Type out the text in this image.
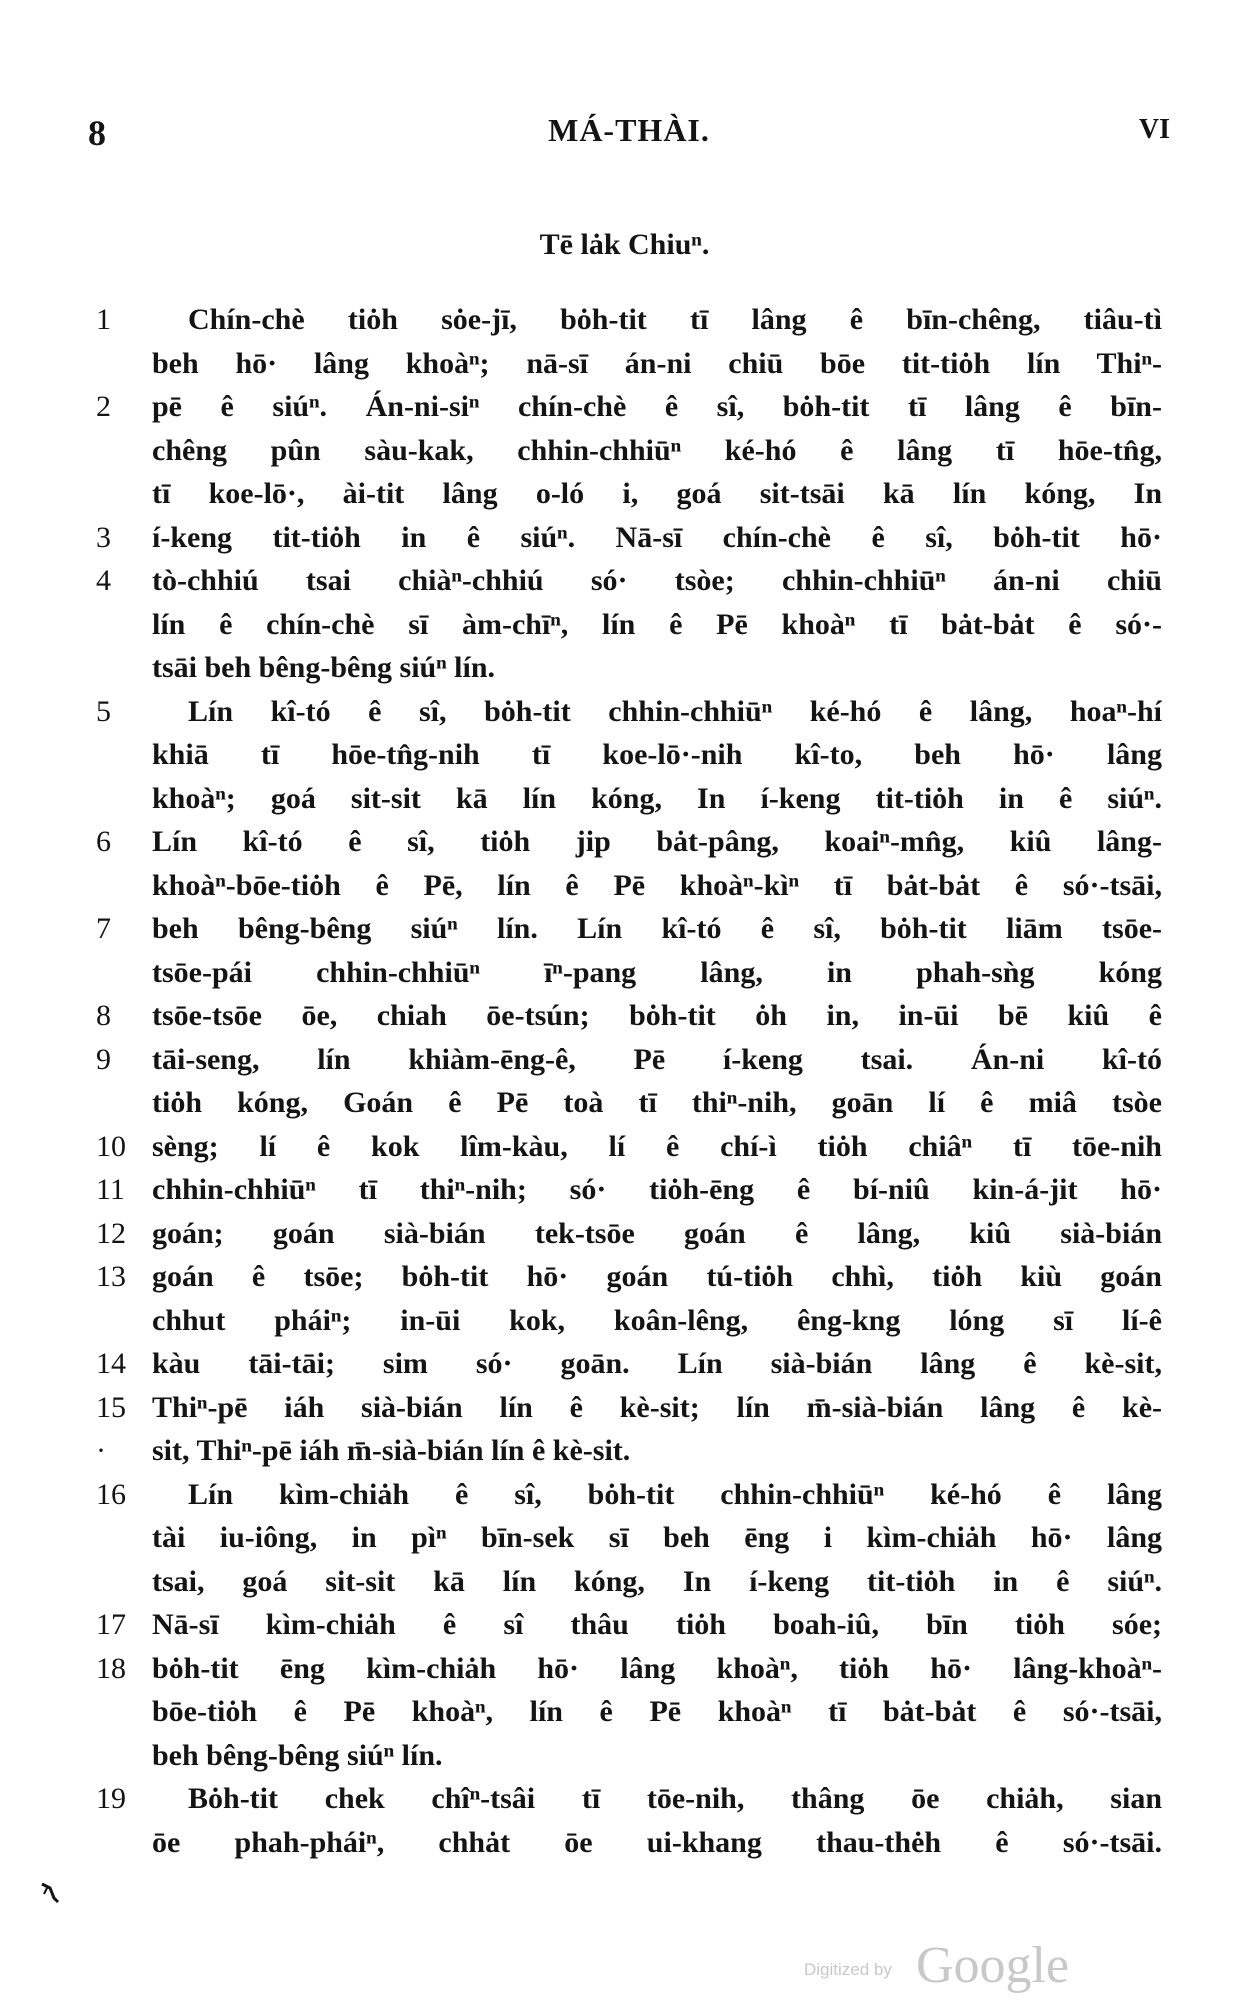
8	MÁ-THÀI.	VI
Tē lȧk Chiuⁿ.
1	Chín-chè tiȯh sȯe-jī, bȯh-tit tī lâng ê bīn-chêng, tiâu-tì
beh hō· lâng khoàⁿ; nā-sī án-ni chiū bōe tit-tiȯh lín Thiⁿ-
2	pē ê siúⁿ. Án-ni-siⁿ chín-chè ê sî, bȯh-tit tī lâng ê bīn-
chêng pûn sàu-kak, chhin-chhiūⁿ ké-hó ê lâng tī hōe-tn̂g,
tī koe-lō·, ài-tit lâng o-ló i, goá sit-tsāi kā lín kóng, In
3	í-keng tit-tiȯh in ê siúⁿ. Nā-sī chín-chè ê sî, bȯh-tit hō·
4	tò-chhiú tsai chiàⁿ-chhiú só· tsòe; chhin-chhiūⁿ án-ni chiū
lín ê chín-chè sī àm-chīⁿ, lín ê Pē khoàⁿ tī bȧt-bȧt ê só·-
tsāi beh bêng-bêng siúⁿ lín.
5	Lín kî-tó ê sî, bȯh-tit chhin-chhiūⁿ ké-hó ê lâng, hoaⁿ-hí
khiā tī hōe-tn̂g-nih tī koe-lō·-nih kî-to, beh hō· lâng
khoàⁿ; goá sit-sit kā lín kóng, In í-keng tit-tiȯh in ê siúⁿ.
6	Lín kî-tó ê sî, tiȯh jip bȧt-pâng, koaiⁿ-mn̂g, kiû lâng-
khoàⁿ-bōe-tiȯh ê Pē, lín ê Pē khoàⁿ-kìⁿ tī bȧt-bȧt ê só·-tsāi,
7	beh bêng-bêng siúⁿ lín. Lín kî-tó ê sî, bȯh-tit liām tsōe-
tsōe-pái chhin-chhiūⁿ īⁿ-pang lâng, in phah-sǹg kóng
8	tsōe-tsōe ōe, chiah ōe-tsún; bȯh-tit ȯh in, in-ūi bē kiû ê
9	tāi-seng, lín khiàm-ēng-ê, Pē í-keng tsai. Án-ni kî-tó
tiȯh kóng, Goán ê Pē toà tī thiⁿ-nih, goān lí ê miâ tsòe
10 sèng; lí ê kok lîm-kàu, lí ê chí-ì tiȯh chiâⁿ tī tōe-nih
11 chhin-chhiūⁿ tī thiⁿ-nih; só· tiȯh-ēng ê bí-niû kin-á-jit hō·
12 goán; goán sià-bián tek-tsōe goán ê lâng, kiû sià-bián
13 goán ê tsōe; bȯh-tit hō· goán tú-tiȯh chhì, tiȯh kiù goán
chhut pháiⁿ; in-ūi kok, koân-lêng, êng-kng lóng sī lí-ê
14 kàu tāi-tāi; sim só· goān. Lín sià-bián lâng ê kè-sit,
15 Thiⁿ-pē iáh sià-bián lín ê kè-sit; lín m̄-sià-bián lâng ê kè-
·	sit, Thiⁿ-pē iáh m̄-sià-bián lín ê kè-sit.
16	Lín kìm-chiȧh ê sî, bȯh-tit chhin-chhiūⁿ ké-hó ê lâng
tài iu-iông, in pìⁿ bīn-sek sī beh ēng i kìm-chiȧh hō· lâng
tsai, goá sit-sit kā lín kóng, In í-keng tit-tiȯh in ê siúⁿ.
17 Nā-sī kìm-chiȧh ê sî thâu tiȯh boah-iû, bīn tiȯh sóe;
18 bȯh-tit ēng kìm-chiȧh hō· lâng khoàⁿ, tiȯh hō· lâng-khoàⁿ-
bōe-tiȯh ê Pē khoàⁿ, lín ê Pē khoàⁿ tī bȧt-bȧt ê só·-tsāi,
beh bêng-bêng siúⁿ lín.
19	Bȯh-tit chek chîⁿ-tsâi tī tōe-nih, thâng ōe chiȧh, sian
ōe phah-pháiⁿ, chhȧt ōe ui-khang thau-thėh ê só·-tsāi.
Digitized by Google
